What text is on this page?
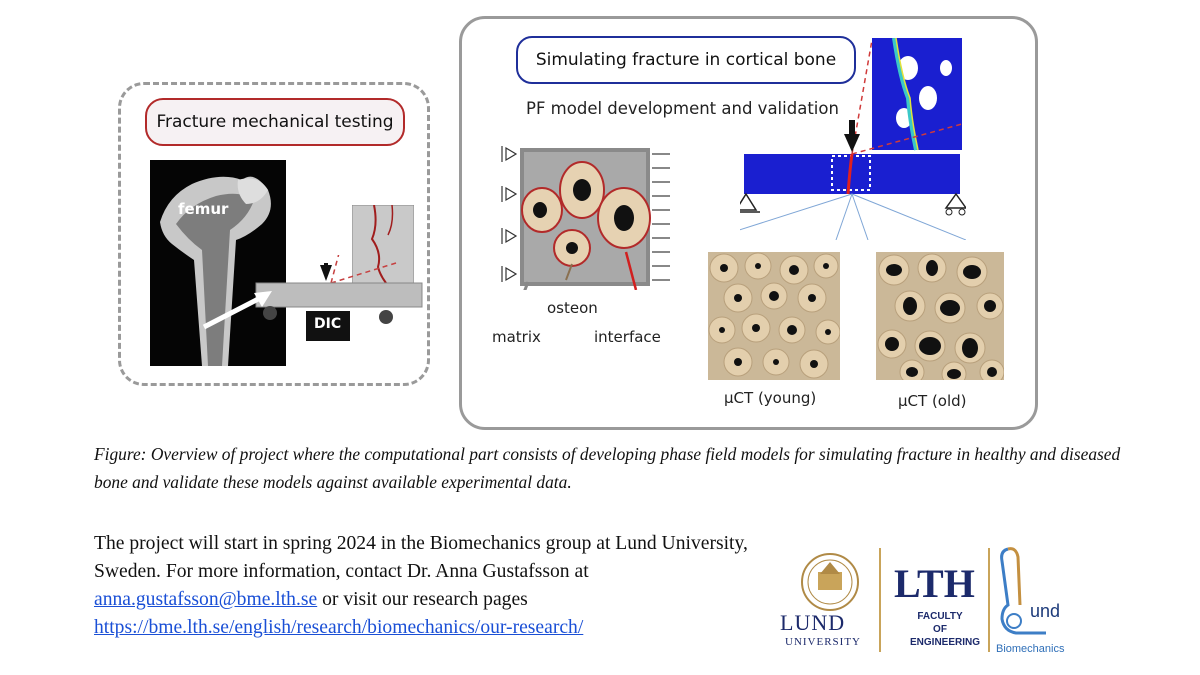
Fracture mechanical testing
femur
DIC
Simulating fracture in cortical bone
PF model development and validation
osteon
matrix	interface
µCT (young)	µCT (old)
Figure: Overview of project where the computational part consists of developing phase field models for simulating fracture in healthy and diseased bone and validate these models against available experimental data.
The project will start in spring 2024 in the Biomechanics group at Lund University, Sweden. For more information, contact Dr. Anna Gustafsson at anna.gustafsson@bme.lth.se or visit our research pages
https://bme.lth.se/english/research/biomechanics/our-research/	LUND
UNIVERSITY
LTH
FACULTY OF
ENGINEERING
und
Biomechanics
